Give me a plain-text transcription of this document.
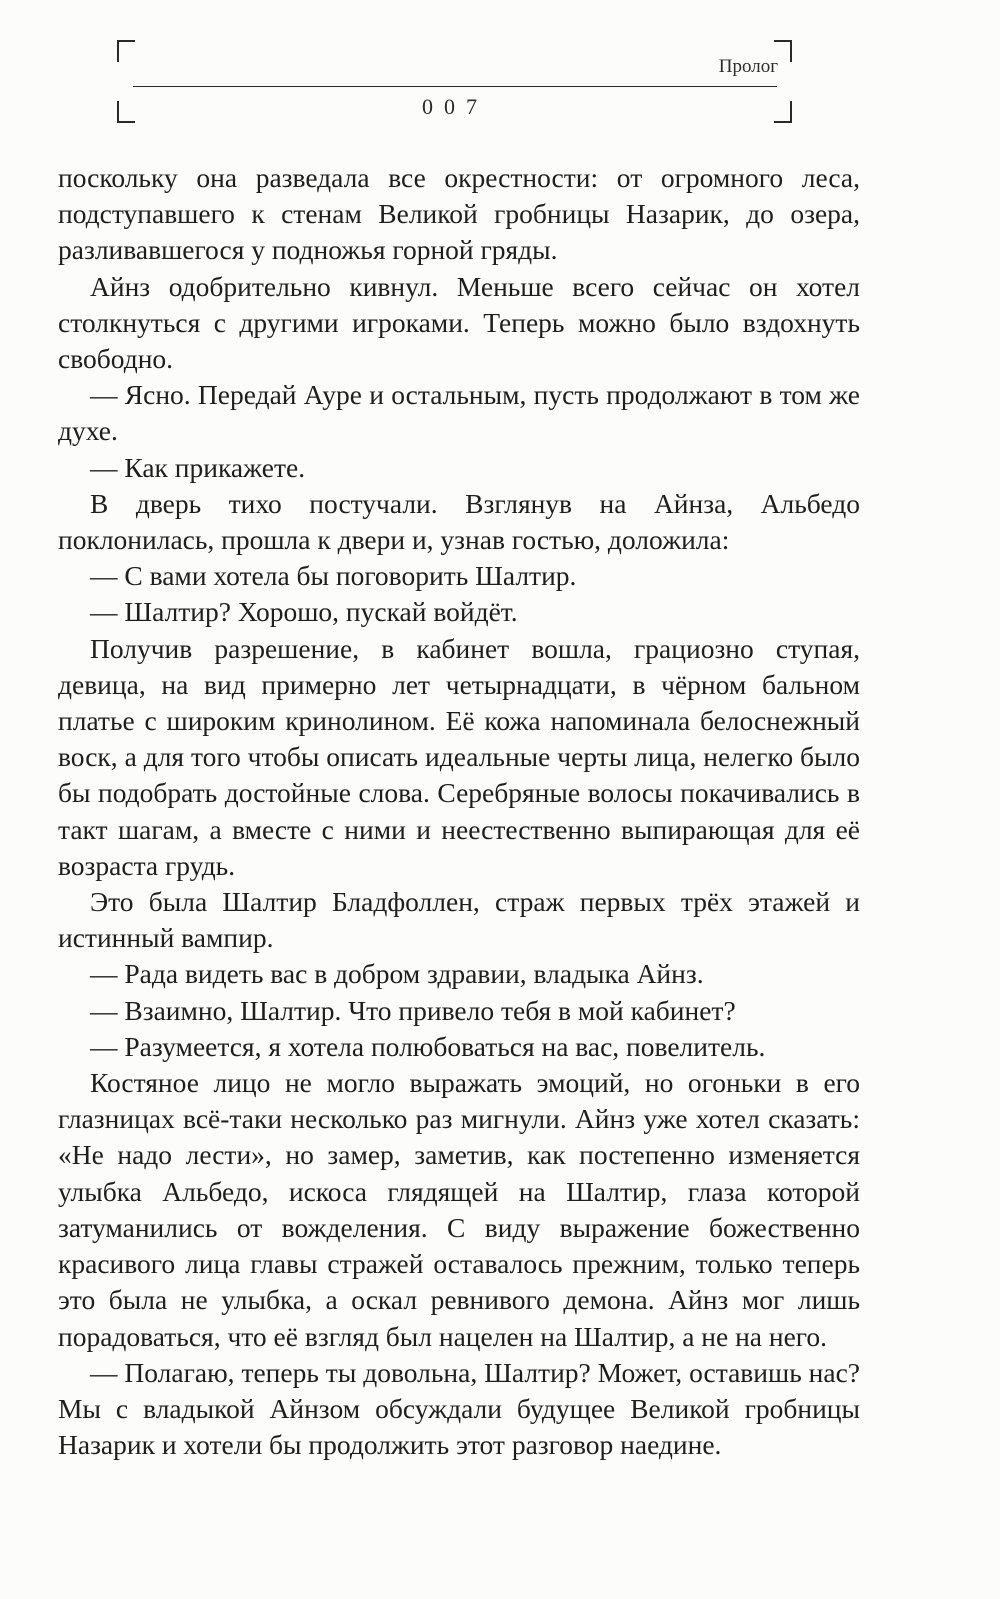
Пролог
007

поскольку она разведала все окрестности: от огромного леса, подступавшего к стенам Великой гробницы Назарик, до озера, разливавшегося у подножья горной гряды.

Айнз одобрительно кивнул. Меньше всего сейчас он хотел столкнуться с другими игроками. Теперь можно было вздохнуть свободно.

— Ясно. Передай Ауре и остальным, пусть продолжают в том же духе.

— Как прикажете.

В дверь тихо постучали. Взглянув на Айнза, Альбедо поклонилась, прошла к двери и, узнав гостью, доложила:

— С вами хотела бы поговорить Шалтир.

— Шалтир? Хорошо, пускай войдёт.

Получив разрешение, в кабинет вошла, грациозно ступая, девица, на вид примерно лет четырнадцати, в чёрном бальном платье с широким кринолином. Её кожа напоминала белоснежный воск, а для того чтобы описать идеальные черты лица, нелегко было бы подобрать достойные слова. Серебряные волосы покачивались в такт шагам, а вместе с ними и неестественно выпирающая для её возраста грудь.

Это была Шалтир Бладфоллен, страж первых трёх этажей и истинный вампир.

— Рада видеть вас в добром здравии, владыка Айнз.

— Взаимно, Шалтир. Что привело тебя в мой кабинет?

— Разумеется, я хотела полюбоваться на вас, повелитель.

Костяное лицо не могло выражать эмоций, но огоньки в его глазницах всё-таки несколько раз мигнули. Айнз уже хотел сказать: «Не надо лести», но замер, заметив, как постепенно изменяется улыбка Альбедо, искоса глядящей на Шалтир, глаза которой затуманились от вожделения. С виду выражение божественно красивого лица главы стражей оставалось прежним, только теперь это была не улыбка, а оскал ревнивого демона. Айнз мог лишь порадоваться, что её взгляд был нацелен на Шалтир, а не на него.

— Полагаю, теперь ты довольна, Шалтир? Может, оставишь нас? Мы с владыкой Айнзом обсуждали будущее Великой гробницы Назарик и хотели бы продолжить этот разговор наедине.
